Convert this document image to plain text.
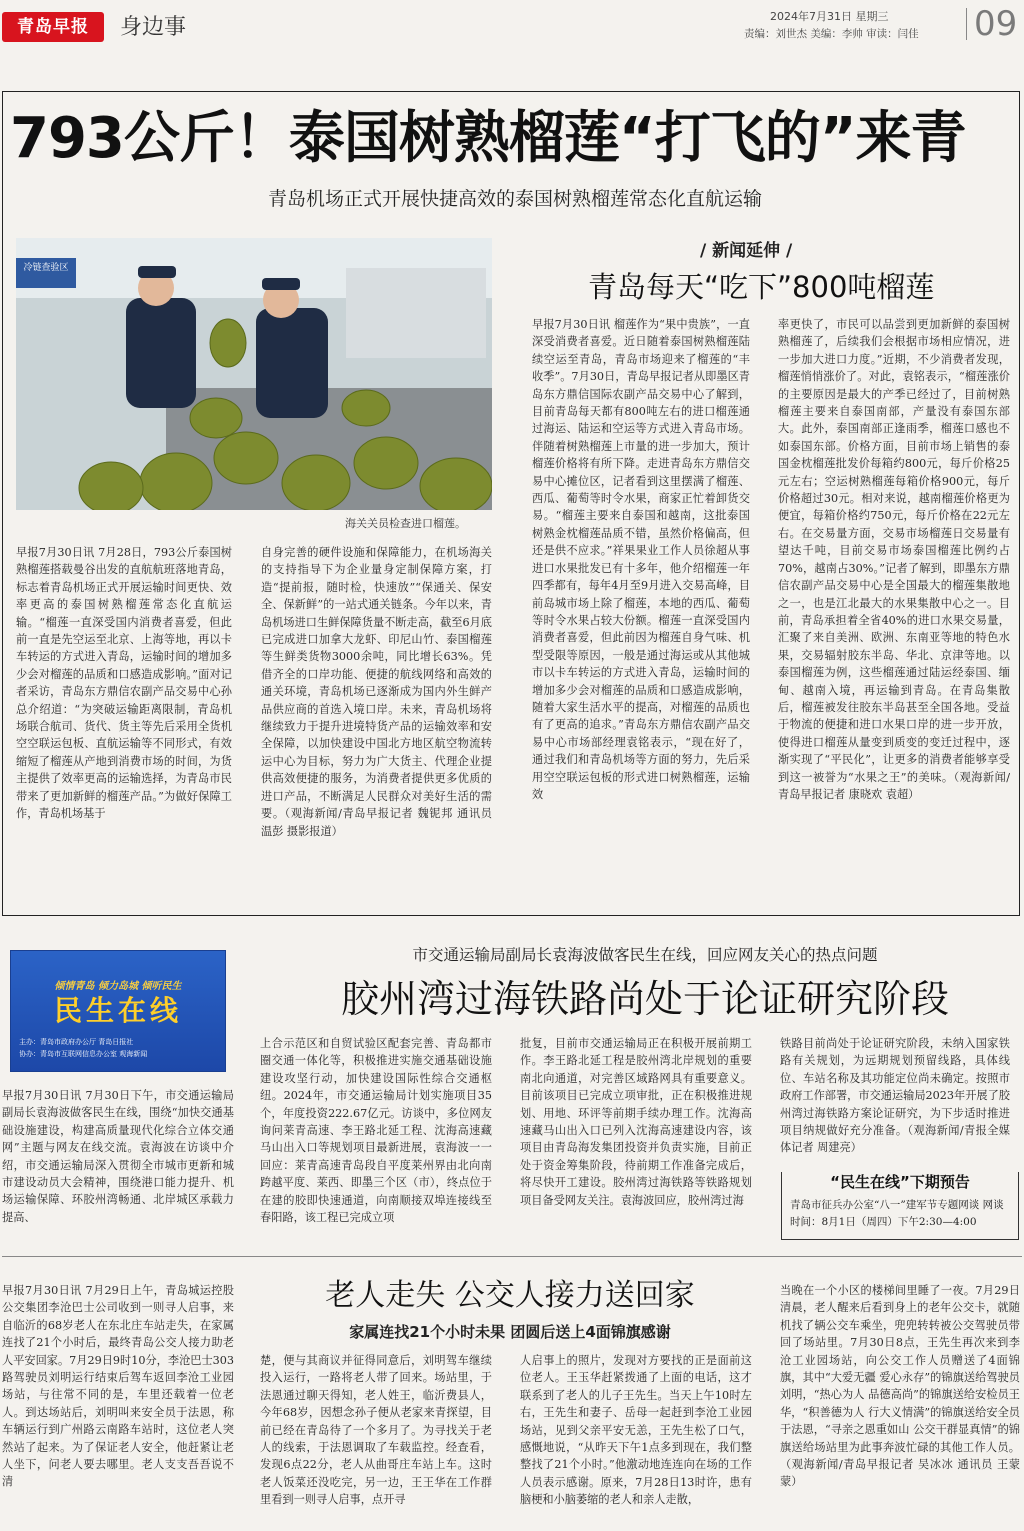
青岛早报	身边事	2024年7月31日 星期三
责编：刘世杰 美编：李帅 审读：闫佳	09
793公斤！泰国树熟榴莲“打飞的”来青
青岛机场正式开展快捷高效的泰国树熟榴莲常态化直航运输
冷链查验区
海关关员检查进口榴莲。

早报7月30日讯 7月28日，793公斤泰国树熟榴莲搭载曼谷出发的直航航班落地青岛，标志着青岛机场正式开展运输时间更快、效率更高的泰国树熟榴莲常态化直航运输。“榴莲一直深受国内消费者喜爱，但此前一直是先空运至北京、上海等地，再以卡车转运的方式进入青岛，运输时间的增加多少会对榴莲的品质和口感造成影响。”面对记者采访，青岛东方鼎信农副产品交易中心孙总介绍道：“为突破运输距离限制，青岛机场联合航司、货代、货主等先后采用全货机空空联运包板、直航运输等不同形式，有效缩短了榴莲从产地到消费市场的时间，为货主提供了效率更高的运输选择，为青岛市民带来了更加新鲜的榴莲产品。”为做好保障工作，青岛机场基于

自身完善的硬件设施和保障能力，在机场海关的支持指导下为企业量身定制保障方案，打造“提前报，随时检，快速放”“保通关、保安全、保新鲜”的一站式通关链条。今年以来，青岛机场进口生鲜保障货量不断走高，截至6月底已完成进口加拿大龙虾、印尼山竹、泰国榴莲等生鲜类货物3000余吨，同比增长63%。凭借齐全的口岸功能、便捷的航线网络和高效的通关环境，青岛机场已逐渐成为国内外生鲜产品供应商的首选入境口岸。未来，青岛机场将继续致力于提升进境特货产品的运输效率和安全保障，以加快建设中国北方地区航空物流转运中心为目标，努力为广大货主、代理企业提供高效便捷的服务，为消费者提供更多优质的进口产品，不断满足人民群众对美好生活的需要。（观海新闻/青岛早报记者 魏铌邦 通讯员 温彭 摄影报道）

/ 新闻延伸 /
青岛每天“吃下”800吨榴莲

早报7月30日讯 榴莲作为“果中贵族”，一直深受消费者喜爱。近日随着泰国树熟榴莲陆续空运至青岛，青岛市场迎来了榴莲的“丰收季”。7月30日，青岛早报记者从即墨区青岛东方鼎信国际农副产品交易中心了解到，目前青岛每天都有800吨左右的进口榴莲通过海运、陆运和空运等方式进入青岛市场。伴随着树熟榴莲上市量的进一步加大，预计榴莲价格将有所下降。走进青岛东方鼎信交易中心摊位区，记者看到这里摆满了榴莲、西瓜、葡萄等时令水果，商家正忙着卸货交易。“榴莲主要来自泰国和越南，这批泰国树熟金枕榴莲品质不错，虽然价格偏高，但还是供不应求。”祥果果业工作人员徐超从事进口水果批发已有十多年，他介绍榴莲一年四季都有，每年4月至9月进入交易高峰，目前岛城市场上除了榴莲，本地的西瓜、葡萄等时令水果占较大份额。榴莲一直深受国内消费者喜爱，但此前因为榴莲自身气味、机型受限等原因，一般是通过海运或从其他城市以卡车转运的方式进入青岛，运输时间的增加多少会对榴莲的品质和口感造成影响，随着大家生活水平的提高，对榴莲的品质也有了更高的追求。”青岛东方鼎信农副产品交易中心市场部经理袁铭表示，“现在好了，通过我们和青岛机场等方面的努力，先后采用空空联运包板的形式进口树熟榴莲，运输效

率更快了，市民可以品尝到更加新鲜的泰国树熟榴莲了，后续我们会根据市场相应情况，进一步加大进口力度。”近期，不少消费者发现，榴莲悄悄涨价了。对此，袁铭表示，“榴莲涨价的主要原因是最大的产季已经过了，目前树熟榴莲主要来自泰国南部，产量没有泰国东部大。此外，泰国南部正逢雨季，榴莲口感也不如泰国东部。价格方面，目前市场上销售的泰国金枕榴莲批发价每箱约800元，每斤价格25元左右；空运树熟榴莲每箱价格900元，每斤价格超过30元。相对来说，越南榴莲价格更为便宜，每箱价格约750元，每斤价格在22元左右。在交易量方面，交易市场榴莲日交易量有望达千吨，目前交易市场泰国榴莲比例约占70%，越南占30%。”记者了解到，即墨东方鼎信农副产品交易中心是全国最大的榴莲集散地之一，也是江北最大的水果集散中心之一。目前，青岛承担着全省40%的进口水果交易量，汇聚了来自美洲、欧洲、东南亚等地的特色水果，交易辐射胶东半岛、华北、京津等地。以泰国榴莲为例，这些榴莲通过陆运经泰国、缅甸、越南入境，再运输到青岛。在青岛集散后，榴莲被发往胶东半岛甚至全国各地。受益于物流的便捷和进口水果口岸的进一步开放，使得进口榴莲从量变到质变的变迁过程中，逐渐实现了“平民化”，让更多的消费者能够享受到这一被誉为“水果之王”的美味。（观海新闻/青岛早报记者 康晓欢 袁超）

市交通运输局副局长袁海波做客民生在线，回应网友关心的热点问题
胶州湾过海铁路尚处于论证研究阶段
倾情青岛 倾力岛城 倾听民生
民生在线
主办：青岛市政府办公厅 青岛日报社
协办：青岛市互联网信息办公室 观海新闻

早报7月30日讯 7月30日下午，市交通运输局副局长袁海波做客民生在线，围绕“加快交通基础设施建设，构建高质量现代化综合立体交通网”主题与网友在线交流。袁海波在访谈中介绍，市交通运输局深入贯彻全市城市更新和城市建设动员大会精神，围绕港口能力提升、机场运输保障、环胶州湾畅通、北岸城区承载力提高、

上合示范区和自贸试验区配套完善、青岛都市圈交通一体化等，积极推进实施交通基础设施建设攻坚行动，加快建设国际性综合交通枢纽。2024年，市交通运输局计划实施项目35个，年度投资222.67亿元。访谈中，多位网友询问莱青高速、李王路北延工程、沈海高速藏马山出入口等规划项目最新进展，袁海波一一回应：莱青高速青岛段自平度莱州界由北向南跨越平度、莱西、即墨三个区（市），终点位于在建的胶即快速通道，向南顺接双埠连接线至春阳路，该工程已完成立项

批复，目前市交通运输局正在积极开展前期工作。李王路北延工程是胶州湾北岸规划的重要南北向通道，对完善区域路网具有重要意义。目前该项目已完成立项审批，正在积极推进规划、用地、环评等前期手续办理工作。沈海高速藏马山出入口已列入沈海高速建设内容，该项目由青岛海发集团投资并负责实施，目前正处于资金筹集阶段，待前期工作准备完成后，将尽快开工建设。胶州湾过海铁路等铁路规划项目备受网友关注。袁海波回应，胶州湾过海

铁路目前尚处于论证研究阶段，未纳入国家铁路有关规划，为远期规划预留线路，具体线位、车站名称及其功能定位尚未确定。按照市政府工作部署，市交通运输局2023年开展了胶州湾过海铁路方案论证研究，为下步适时推进项目纳规做好充分准备。（观海新闻/青报全媒体记者 周建亮）

“民生在线”下期预告
青岛市征兵办公室“八一”建军节专题网谈 网谈时间：8月1日（周四）下午2:30—4:00
老人走失 公交人接力送回家
家属连找21个小时未果 团圆后送上4面锦旗感谢

早报7月30日讯 7月29日上午，青岛城运控股公交集团李沧巴士公司收到一则寻人启事，来自临沂的68岁老人在东北庄车站走失，在家属连找了21个小时后，最终青岛公交人接力助老人平安回家。7月29日9时10分，李沧巴士303路驾驶员刘明运行结束后驾车返回李沧工业园场站，与往常不同的是，车里还载着一位老人。到达场站后，刘明叫来安全员于法恩，称车辆运行到广州路云南路车站时，这位老人突然站了起来。为了保证老人安全，他赶紧让老人坐下，问老人要去哪里。老人支支吾吾说不清

楚，便与其商议并征得同意后，刘明驾车继续投入运行，一路将老人带了回来。场站里，于法恩通过聊天得知，老人姓王，临沂费县人，今年68岁，因想念孙子便从老家来青探望，目前已经在青岛待了一个多月了。为寻找关于老人的线索，于法恩调取了车载监控。经查看，发现6点22分，老人从曲哥庄车站上车。这时老人饭菜还没吃完，另一边，王王华在工作群里看到一则寻人启事，点开寻

人启事上的照片，发现对方要找的正是面前这位老人。王玉华赶紧拨通了上面的电话，这才联系到了老人的儿子王先生。当天上午10时左右，王先生和妻子、岳母一起赶到李沧工业园场站，见到父亲平安无恙，王先生松了口气，感慨地说，“从昨天下午1点多到现在，我们整整找了21个小时。”他激动地连连向在场的工作人员表示感谢。原来，7月28日13时许，患有脑梗和小脑萎缩的老人和亲人走散，

当晚在一个小区的楼梯间里睡了一夜。7月29日清晨，老人醒来后看到身上的老年公交卡，就随机找了辆公交车乘坐，兜兜转转被公交驾驶员带回了场站里。7月30日8点，王先生再次来到李沧工业园场站，向公交工作人员赠送了4面锦旗，其中“大爱无疆 爱心永存”的锦旗送给驾驶员刘明，“热心为人 品德高尚”的锦旗送给安检员王华，“积善德为人 行大义情满”的锦旗送给安全员于法恩，“寻亲之恩重如山 公交干群显真情”的锦旗送给场站里为此事奔波忙碌的其他工作人员。（观海新闻/青岛早报记者 吴冰冰 通讯员 王蒙蒙）
